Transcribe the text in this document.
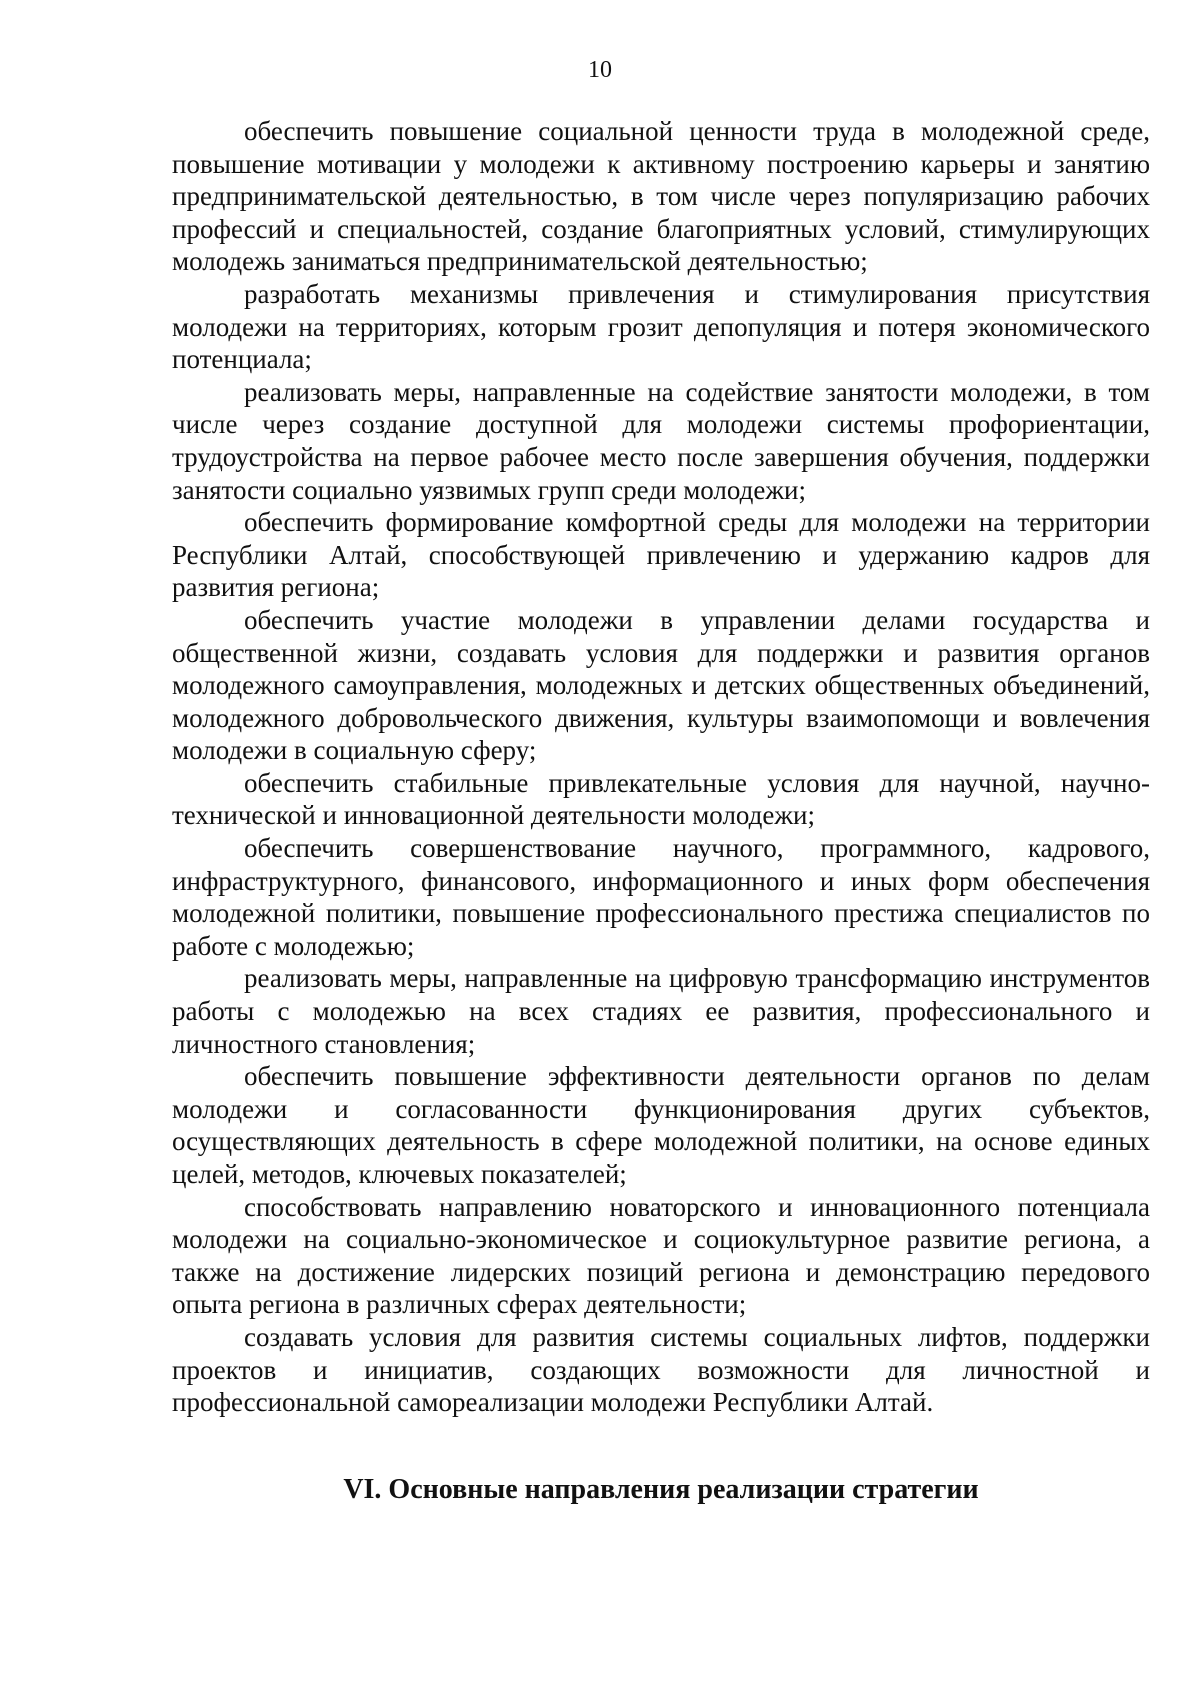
10

обеспечить повышение социальной ценности труда в молодежной среде, повышение мотивации у молодежи к активному построению карьеры и занятию предпринимательской деятельностью, в том числе через популяризацию рабочих профессий и специальностей, создание благоприятных условий, стимулирующих молодежь заниматься предпринимательской деятельностью;

разработать механизмы привлечения и стимулирования присутствия молодежи на территориях, которым грозит депопуляция и потеря экономического потенциала;

реализовать меры, направленные на содействие занятости молодежи, в том числе через создание доступной для молодежи системы профориентации, трудоустройства на первое рабочее место после завершения обучения, поддержки занятости социально уязвимых групп среди молодежи;

обеспечить формирование комфортной среды для молодежи на территории Республики Алтай, способствующей привлечению и удержанию кадров для развития региона;

обеспечить участие молодежи в управлении делами государства и общественной жизни, создавать условия для поддержки и развития органов молодежного самоуправления, молодежных и детских общественных объединений, молодежного добровольческого движения, культуры взаимопомощи и вовлечения молодежи в социальную сферу;

обеспечить стабильные привлекательные условия для научной, научно-технической и инновационной деятельности молодежи;

обеспечить совершенствование научного, программного, кадрового, инфраструктурного, финансового, информационного и иных форм обеспечения молодежной политики, повышение профессионального престижа специалистов по работе с молодежью;

реализовать меры, направленные на цифровую трансформацию инструментов работы с молодежью на всех стадиях ее развития, профессионального и личностного становления;

обеспечить повышение эффективности деятельности органов по делам молодежи и согласованности функционирования других субъектов, осуществляющих деятельность в сфере молодежной политики, на основе единых целей, методов, ключевых показателей;

способствовать направлению новаторского и инновационного потенциала молодежи на социально-экономическое и социокультурное развитие региона, а также на достижение лидерских позиций региона и демонстрацию передового опыта региона в различных сферах деятельности;

создавать условия для развития системы социальных лифтов, поддержки проектов и инициатив, создающих возможности для личностной и профессиональной самореализации молодежи Республики Алтай.

VI. Основные направления реализации стратегии
